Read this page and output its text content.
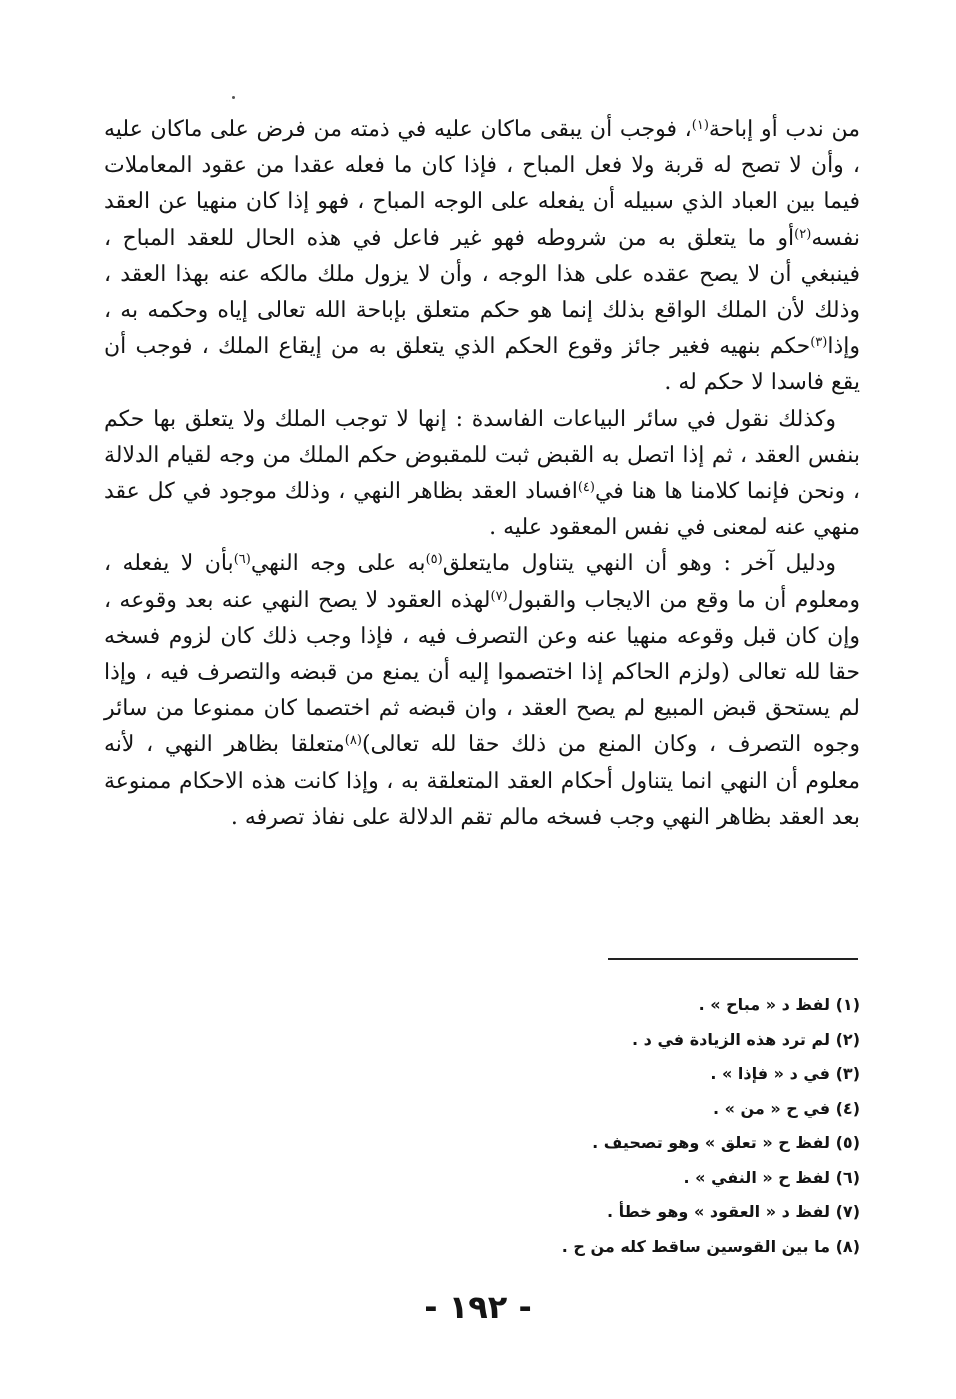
من ندب أو إباحة$^{(١)}$، فوجب أن يبقى ماكان عليه في ذمته من فرض على ماكان عليه ، وأن لا تصح له قربة ولا فعل المباح ، فإذا كان ما فعله عقدا من عقود المعاملات فيما بين العباد الذي سبيله أن يفعله على الوجه المباح ، فهو إذا كان منهيا عن العقد نفسه$^{(٢)}$أو ما يتعلق به من شروطه فهو غير فاعل في هذه الحال للعقد المباح ، فينبغي أن لا يصح عقده على هذا الوجه ، وأن لا يزول ملك مالكه عنه بهذا العقد ، وذلك لأن الملك الواقع بذلك إنما هو حكم متعلق بإباحة الله تعالى إياه وحكمه به ، وإذا$^{(٣)}$حكم بنهيه فغير جائز وقوع الحكم الذي يتعلق به من إيقاع الملك ، فوجب أن يقع فاسدا لا حكم له .

وكذلك نقول في سائر البياعات الفاسدة : إنها لا توجب الملك ولا يتعلق بها حكم بنفس العقد ، ثم إذا اتصل به القبض ثبت للمقبوض حكم الملك من وجه لقيام الدلالة ، ونحن فإنما كلامنا ها هنا في$^{(٤)}$افساد العقد بظاهر النهي ، وذلك موجود في كل عقد منهي عنه لمعنى في نفس المعقود عليه .

ودليل آخر : وهو أن النهي يتناول مايتعلق$^{(٥)}$به على وجه النهي$^{(٦)}$بأن لا يفعله ، ومعلوم أن ما وقع من الايجاب والقبول$^{(٧)}$لهذه العقود لا يصح النهي عنه بعد وقوعه ، وإن كان قبل وقوعه منهيا عنه وعن التصرف فيه ، فإذا وجب ذلك كان لزوم فسخه حقا لله تعالى (ولزم الحاكم إذا اختصموا إليه أن يمنع من قبضه والتصرف فيه ، وإذا لم يستحق قبض المبيع لم يصح العقد ، وان قبضه ثم اختصما كان ممنوعا من سائر وجوه التصرف ، وكان المنع من ذلك حقا لله تعالى)$^{(٨)}$متعلقا بظاهر النهي ، لأنه معلوم أن النهي انما يتناول أحكام العقد المتعلقة به ، وإذا كانت هذه الاحكام ممنوعة بعد العقد بظاهر النهي وجب فسخه مالم تقم الدلالة على نفاذ تصرفه .

(١) لفظ د « مباح » .
(٢) لم ترد هذه الزيادة في د .
(٣) في د « فإذا » .
(٤) في ح « من » .
(٥) لفظ ح « تعلق » وهو تصحيف .
(٦) لفظ ح « النفي » .
(٧) لفظ د « العقود » وهو خطأ .
(٨) ما بين القوسين ساقط كله من ح .
- ١٩٢ -
